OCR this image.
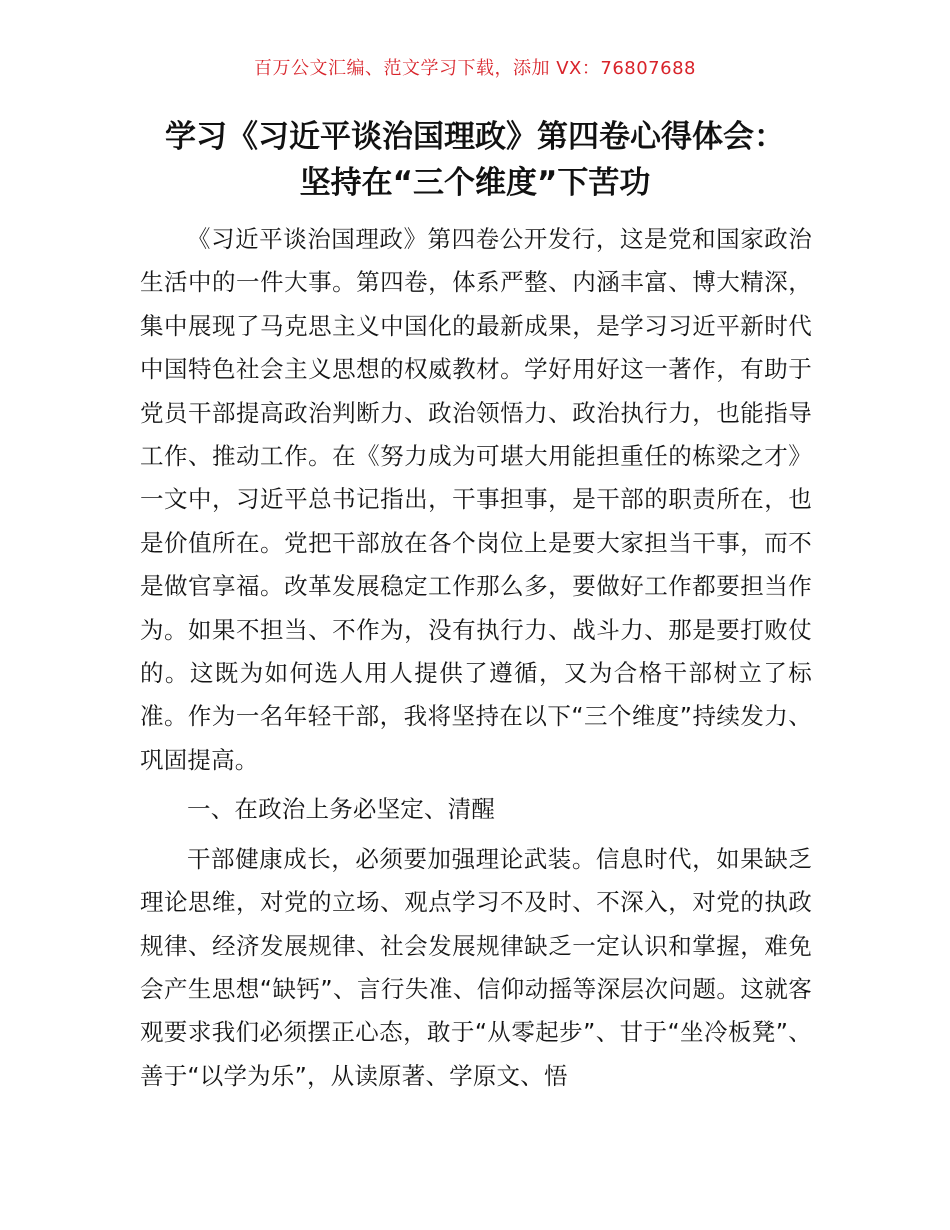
百万公文汇编、范文学习下载，添加 VX：76807688
学习《习近平谈治国理政》第四卷心得体会：
坚持在“三个维度”下苦功

《习近平谈治国理政》第四卷公开发行，这是党和国家政治生活中的一件大事。第四卷，体系严整、内涵丰富、博大精深，集中展现了马克思主义中国化的最新成果，是学习习近平新时代中国特色社会主义思想的权威教材。学好用好这一著作，有助于党员干部提高政治判断力、政治领悟力、政治执行力，也能指导工作、推动工作。在《努力成为可堪大用能担重任的栋梁之才》一文中，习近平总书记指出，干事担事，是干部的职责所在，也是价值所在。党把干部放在各个岗位上是要大家担当干事，而不是做官享福。改革发展稳定工作那么多，要做好工作都要担当作为。如果不担当、不作为，没有执行力、战斗力、那是要打败仗的。这既为如何选人用人提供了遵循，又为合格干部树立了标准。作为一名年轻干部，我将坚持在以下“三个维度”持续发力、巩固提高。

一、在政治上务必坚定、清醒

干部健康成长，必须要加强理论武装。信息时代，如果缺乏理论思维，对党的立场、观点学习不及时、不深入，对党的执政规律、经济发展规律、社会发展规律缺乏一定认识和掌握，难免会产生思想“缺钙”、言行失准、信仰动摇等深层次问题。这就客观要求我们必须摆正心态，敢于“从零起步”、甘于“坐冷板凳”、善于“以学为乐”，从读原著、学原文、悟
